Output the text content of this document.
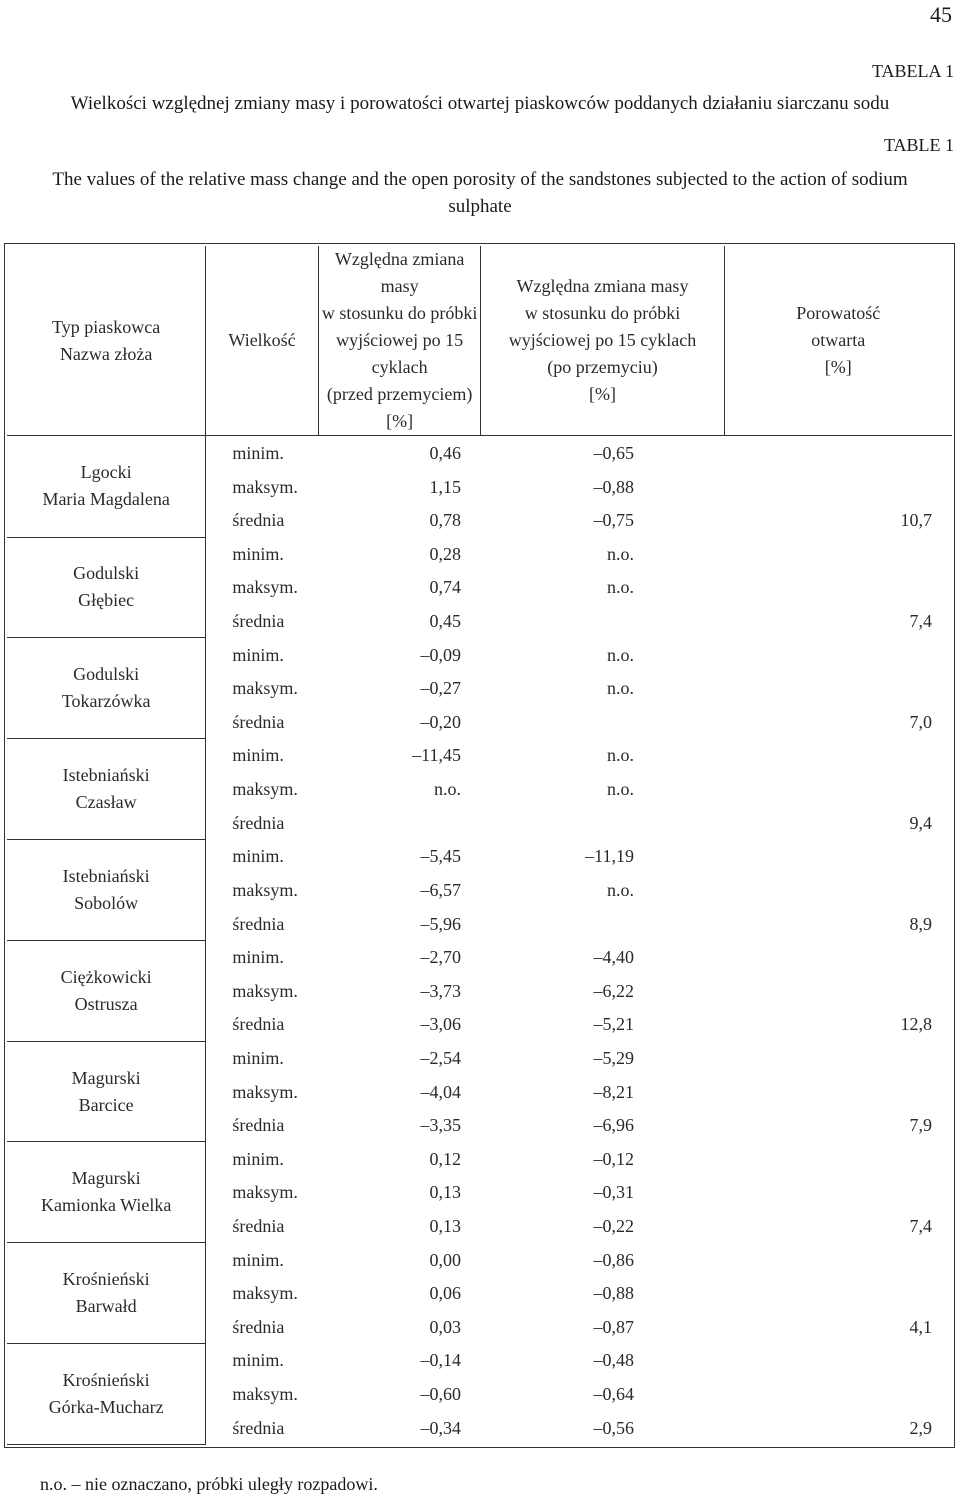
45
TABELA 1
Wielkości względnej zmiany masy i porowatości otwartej piaskowców poddanych działaniu siarczanu sodu
TABLE 1
The values of the relative mass change and the open porosity of the sandstones subjected to the action of sodium sulphate
Typ piaskowca
Nazwa złoża	Wielkość	Względna zmiana masy
w stosunku do próbki
wyjściowej po 15 cyklach
(przed przemyciem)
[%]	Względna zmiana masy
w stosunku do próbki
wyjściowej po 15 cyklach
(po przemyciu)
[%]	Porowatość
otwarta
[%]

Lgocki
Maria Magdalena	minim.	0,46	–0,65	
	maksym.	1,15	–0,88	
	średnia	0,78	–0,75	10,7

Godulski
Głębiec	minim.	0,28	n.o.	
	maksym.	0,74	n.o.	
	średnia	0,45		7,4

Godulski
Tokarzówka	minim.	–0,09	n.o.	
	maksym.	–0,27	n.o.	
	średnia	–0,20		7,0

Istebniański
Czasław	minim.	–11,45	n.o.	
	maksym.	n.o.	n.o.	
	średnia			9,4

Istebniański
Sobolów	minim.	–5,45	–11,19	
	maksym.	–6,57	n.o.	
	średnia	–5,96		8,9

Ciężkowicki
Ostrusza	minim.	–2,70	–4,40	
	maksym.	–3,73	–6,22	
	średnia	–3,06	–5,21	12,8

Magurski
Barcice	minim.	–2,54	–5,29	
	maksym.	–4,04	–8,21	
	średnia	–3,35	–6,96	7,9

Magurski
Kamionka Wielka	minim.	0,12	–0,12	
	maksym.	0,13	–0,31	
	średnia	0,13	–0,22	7,4

Krośnieński
Barwałd	minim.	0,00	–0,86	
	maksym.	0,06	–0,88	
	średnia	0,03	–0,87	4,1

Krośnieński
Górka-Mucharz	minim.	–0,14	–0,48	
	maksym.	–0,60	–0,64	
	średnia	–0,34	–0,56	2,9
n.o. – nie oznaczano, próbki uległy rozpadowi.
